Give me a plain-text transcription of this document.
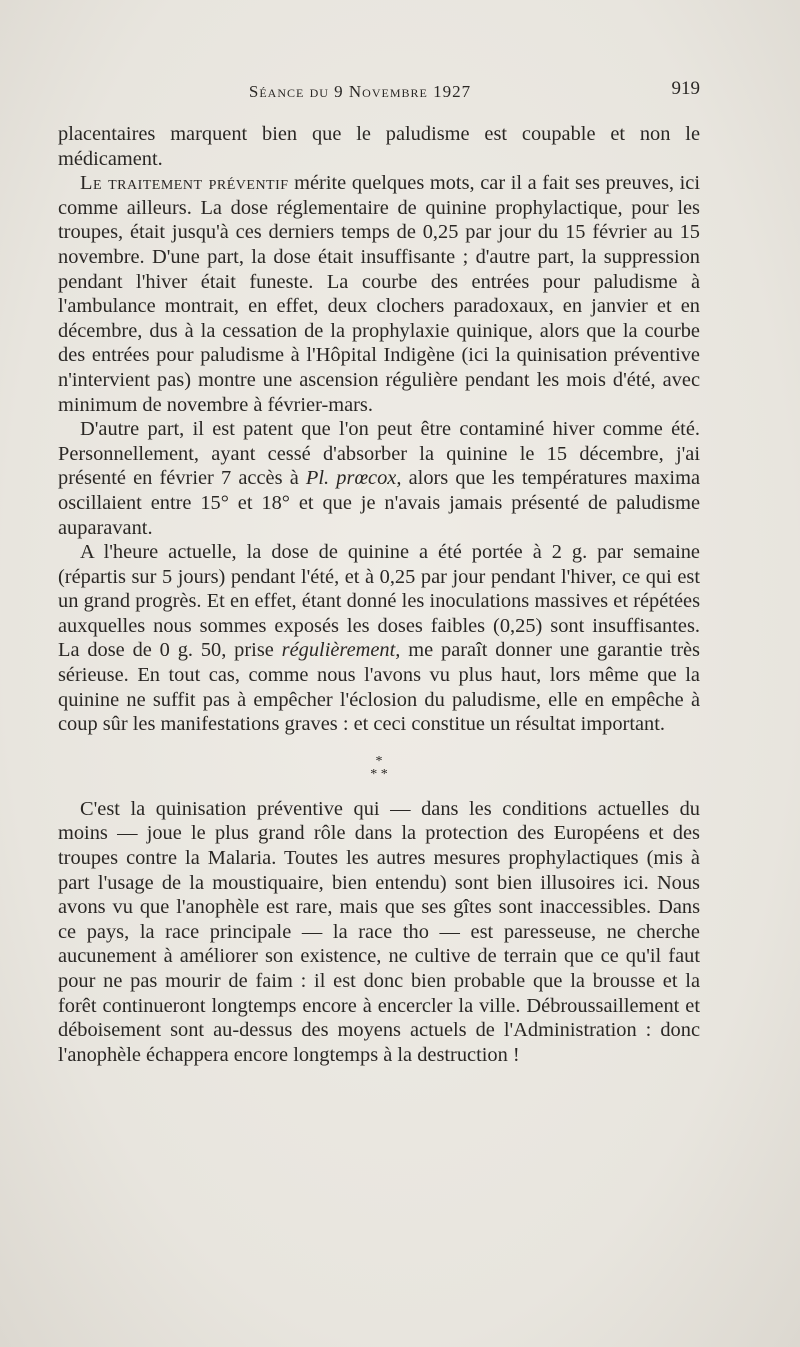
Séance du 9 Novembre 1927	919

placentaires marquent bien que le paludisme est coupable et non le médicament.

Le traitement préventif mérite quelques mots, car il a fait ses preuves, ici comme ailleurs. La dose réglementaire de quinine prophylactique, pour les troupes, était jusqu'à ces derniers temps de 0,25 par jour du 15 février au 15 novembre. D'une part, la dose était insuffisante ; d'autre part, la suppression pendant l'hiver était funeste. La courbe des entrées pour paludisme à l'ambulance montrait, en effet, deux clochers paradoxaux, en janvier et en décembre, dus à la cessation de la prophylaxie quinique, alors que la courbe des entrées pour paludisme à l'Hôpital Indigène (ici la quinisation préventive n'intervient pas) montre une ascension régulière pendant les mois d'été, avec minimum de novembre à février-mars.

D'autre part, il est patent que l'on peut être contaminé hiver comme été. Personnellement, ayant cessé d'absorber la quinine le 15 décembre, j'ai présenté en février 7 accès à Pl. prœcox, alors que les températures maxima oscillaient entre 15° et 18° et que je n'avais jamais présenté de paludisme auparavant.

A l'heure actuelle, la dose de quinine a été portée à 2 g. par semaine (répartis sur 5 jours) pendant l'été, et à 0,25 par jour pendant l'hiver, ce qui est un grand progrès. Et en effet, étant donné les inoculations massives et répétées auxquelles nous sommes exposés les doses faibles (0,25) sont insuffisantes. La dose de 0 g. 50, prise régulièrement, me paraît donner une garantie très sérieuse. En tout cas, comme nous l'avons vu plus haut, lors même que la quinine ne suffit pas à empêcher l'éclosion du paludisme, elle en empêche à coup sûr les manifestations graves : et ceci constitue un résultat important.

*
* *

C'est la quinisation préventive qui — dans les conditions actuelles du moins — joue le plus grand rôle dans la protection des Européens et des troupes contre la Malaria. Toutes les autres mesures prophylactiques (mis à part l'usage de la moustiquaire, bien entendu) sont bien illusoires ici. Nous avons vu que l'anophèle est rare, mais que ses gîtes sont inaccessibles. Dans ce pays, la race principale — la race tho — est paresseuse, ne cherche aucunement à améliorer son existence, ne cultive de terrain que ce qu'il faut pour ne pas mourir de faim : il est donc bien probable que la brousse et la forêt continueront longtemps encore à encercler la ville. Débroussaillement et déboisement sont au-dessus des moyens actuels de l'Administration : donc l'anophèle échappera encore longtemps à la destruction !
